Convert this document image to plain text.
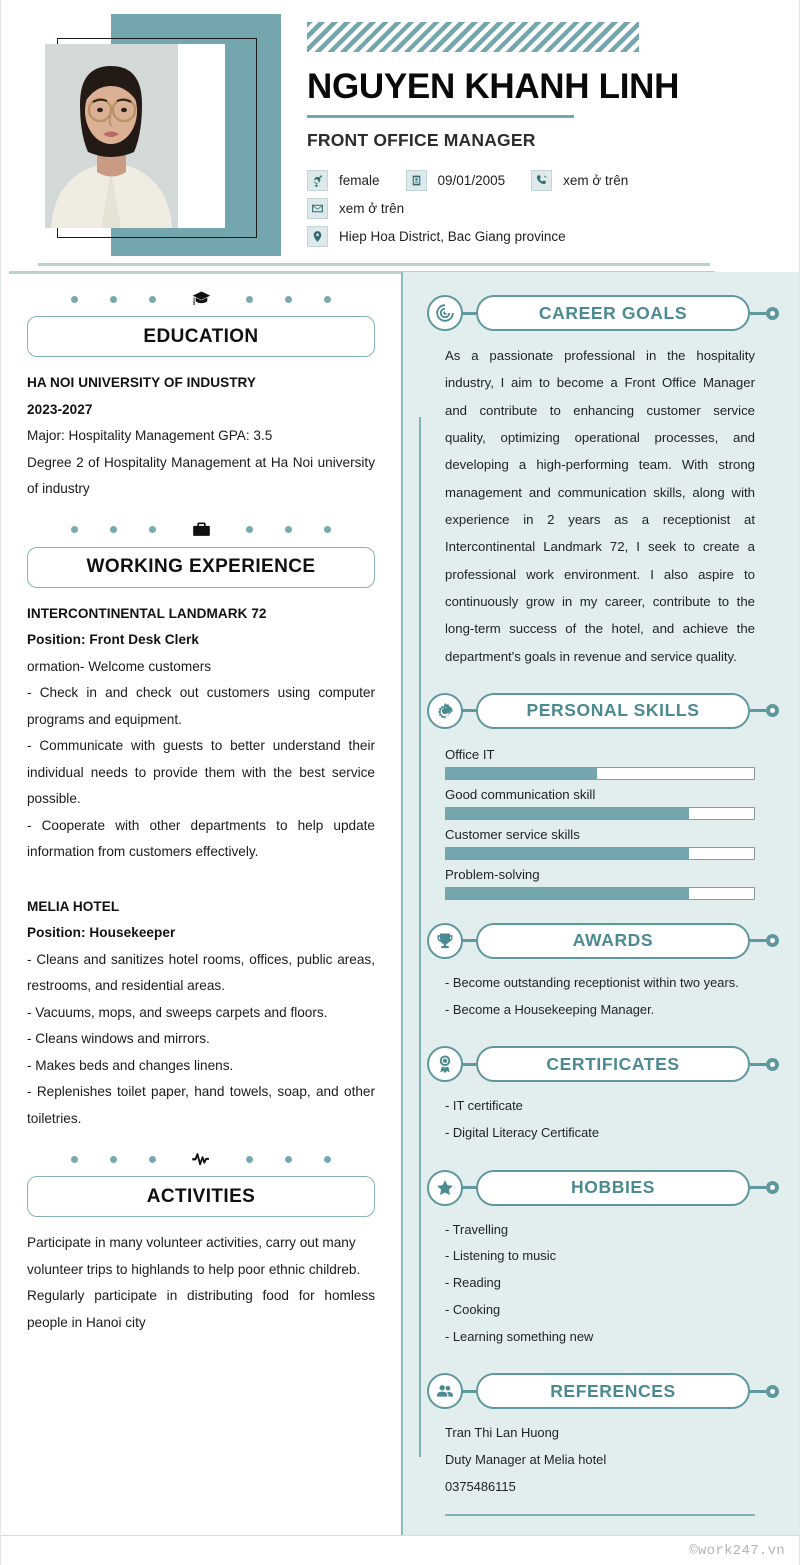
NGUYEN KHANH LINH
FRONT OFFICE MANAGER
female	09/01/2005	xem ở trên
xem ở trên
Hiep Hoa District, Bac Giang province
EDUCATION
HA NOI UNIVERSITY OF INDUSTRY
2023-2027
Major: Hospitality Management GPA: 3.5
Degree 2 of Hospitality Management at Ha Noi university of industry
WORKING EXPERIENCE
INTERCONTINENTAL LANDMARK 72
Position: Front Desk Clerk
ormation- Welcome customers
- Check in and check out customers using computer programs and equipment.
- Communicate with guests to better understand their individual needs to provide them with the best service possible.
- Cooperate with other departments to help update information from customers effectively.
MELIA HOTEL
Position: Housekeeper
- Cleans and sanitizes hotel rooms, offices, public areas, restrooms, and residential areas.
- Vacuums, mops, and sweeps carpets and floors.
- Cleans windows and mirrors.
- Makes beds and changes linens.
- Replenishes toilet paper, hand towels, soap, and other toiletries.
ACTIVITIES
Participate in many volunteer activities, carry out many volunteer trips to highlands to help poor ethnic childreb.
Regularly participate in distributing food for homless people in Hanoi city
CAREER GOALS
As a passionate professional in the hospitality industry, I aim to become a Front Office Manager and contribute to enhancing customer service quality, optimizing operational processes, and developing a high-performing team. With strong management and communication skills, along with experience in 2 years as a receptionist at Intercontinental Landmark 72, I seek to create a professional work environment. I also aspire to continuously grow in my career, contribute to the long-term success of the hotel, and achieve the department's goals in revenue and service quality.
PERSONAL SKILLS
Office IT
Good communication skill
Customer service skills
Problem-solving
AWARDS
- Become outstanding receptionist within two years.
- Become a Housekeeping Manager.
CERTIFICATES
- IT certificate
- Digital Literacy Certificate
HOBBIES
- Travelling
- Listening to music
- Reading
- Cooking
- Learning something new
REFERENCES
Tran Thi Lan Huong
Duty Manager at Melia hotel
0375486115
©work247.vn
